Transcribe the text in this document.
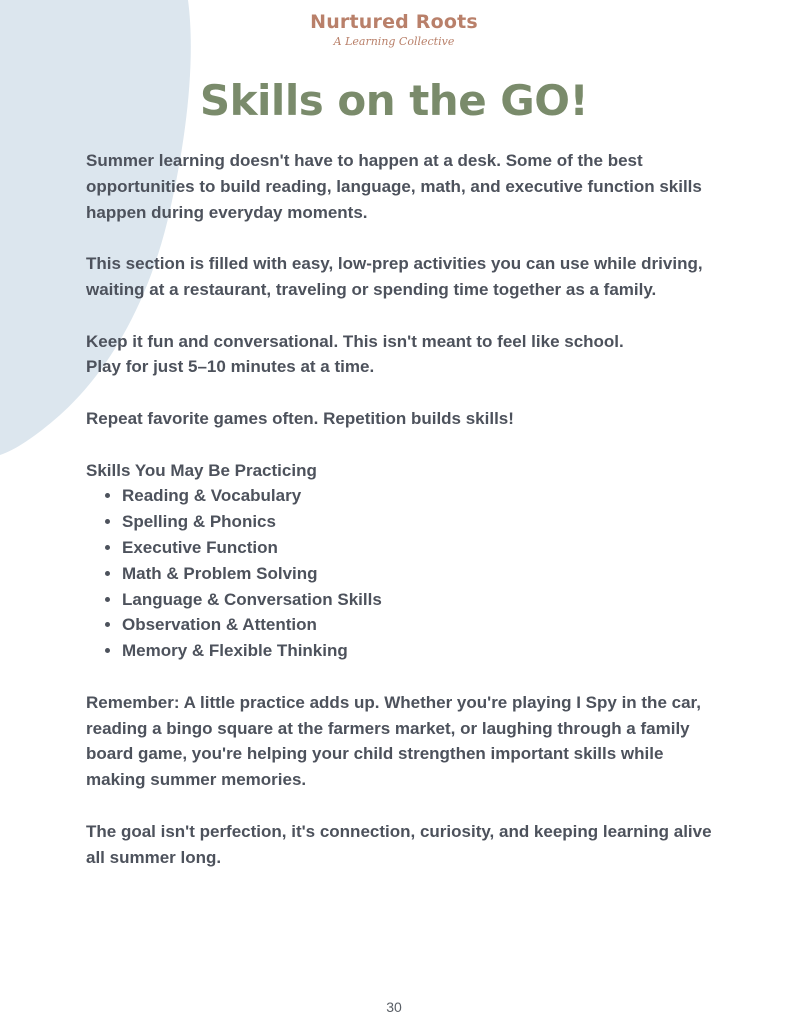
Nurtured Roots
A Learning Collective
Skills on the GO!

Summer learning doesn't have to happen at a desk. Some of the best opportunities to build reading, language, math, and executive function skills happen during everyday moments.

This section is filled with easy, low-prep activities you can use while driving, waiting at a restaurant, traveling or spending time together as a family.

Keep it fun and conversational. This isn't meant to feel like school.

Play for just 5–10 minutes at a time.

Repeat favorite games often. Repetition builds skills!

Skills You May Be Practicing

• Reading & Vocabulary
• Spelling & Phonics
• Executive Function
• Math & Problem Solving
• Language & Conversation Skills
• Observation & Attention
• Memory & Flexible Thinking

Remember: A little practice adds up. Whether you're playing I Spy in the car, reading a bingo square at the farmers market, or laughing through a family board game, you're helping your child strengthen important skills while making summer memories.

The goal isn't perfection, it's connection, curiosity, and keeping learning alive all summer long.

30
